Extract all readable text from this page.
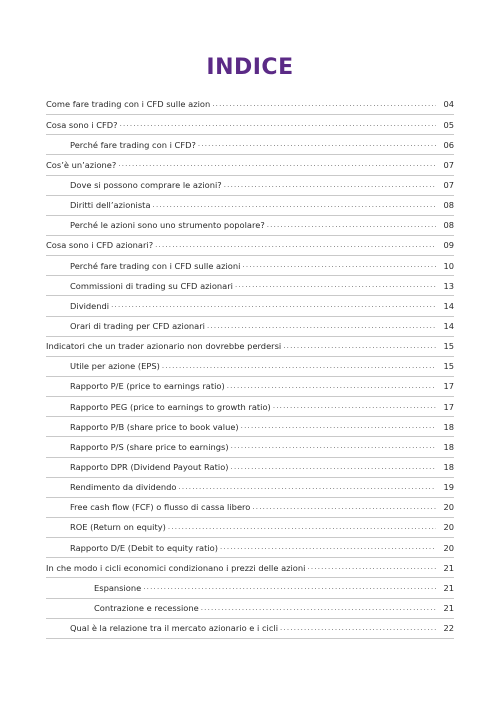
INDICE
Come fare trading con i CFD sulle azion .....	04
Cosa sono i CFD? .....	05
Perché fare trading con i CFD? .....	06
Cos’è un’azione? .....	07
Dove si possono comprare le azioni? .....	07
Diritti dell’azionista .....	08
Perché le azioni sono uno strumento popolare? .....	08
Cosa sono i CFD azionari? .....	09
Perché fare trading con i CFD sulle azioni .....	10
Commissioni di trading su CFD azionari .....	13
Dividendi .....	14
Orari di trading per CFD azionari .....	14
Indicatori che un trader azionario non dovrebbe perdersi .....	15
Utile per azione (EPS) .....	15
Rapporto P/E (price to earnings ratio) .....	17
Rapporto PEG (price to earnings to growth ratio) .....	17
Rapporto P/B (share price to book value) .....	18
Rapporto P/S (share price to earnings) .....	18
Rapporto DPR (Dividend Payout Ratio) .....	18
Rendimento da dividendo .....	19
Free cash flow (FCF) o flusso di cassa libero .....	20
ROE (Return on equity) .....	20
Rapporto D/E (Debit to equity ratio) .....	20
In che modo i cicli economici condizionano i prezzi delle azioni .....	21
Espansione .....	21
Contrazione e recessione .....	21
Qual è la relazione tra il mercato azionario e i cicli .....	22
